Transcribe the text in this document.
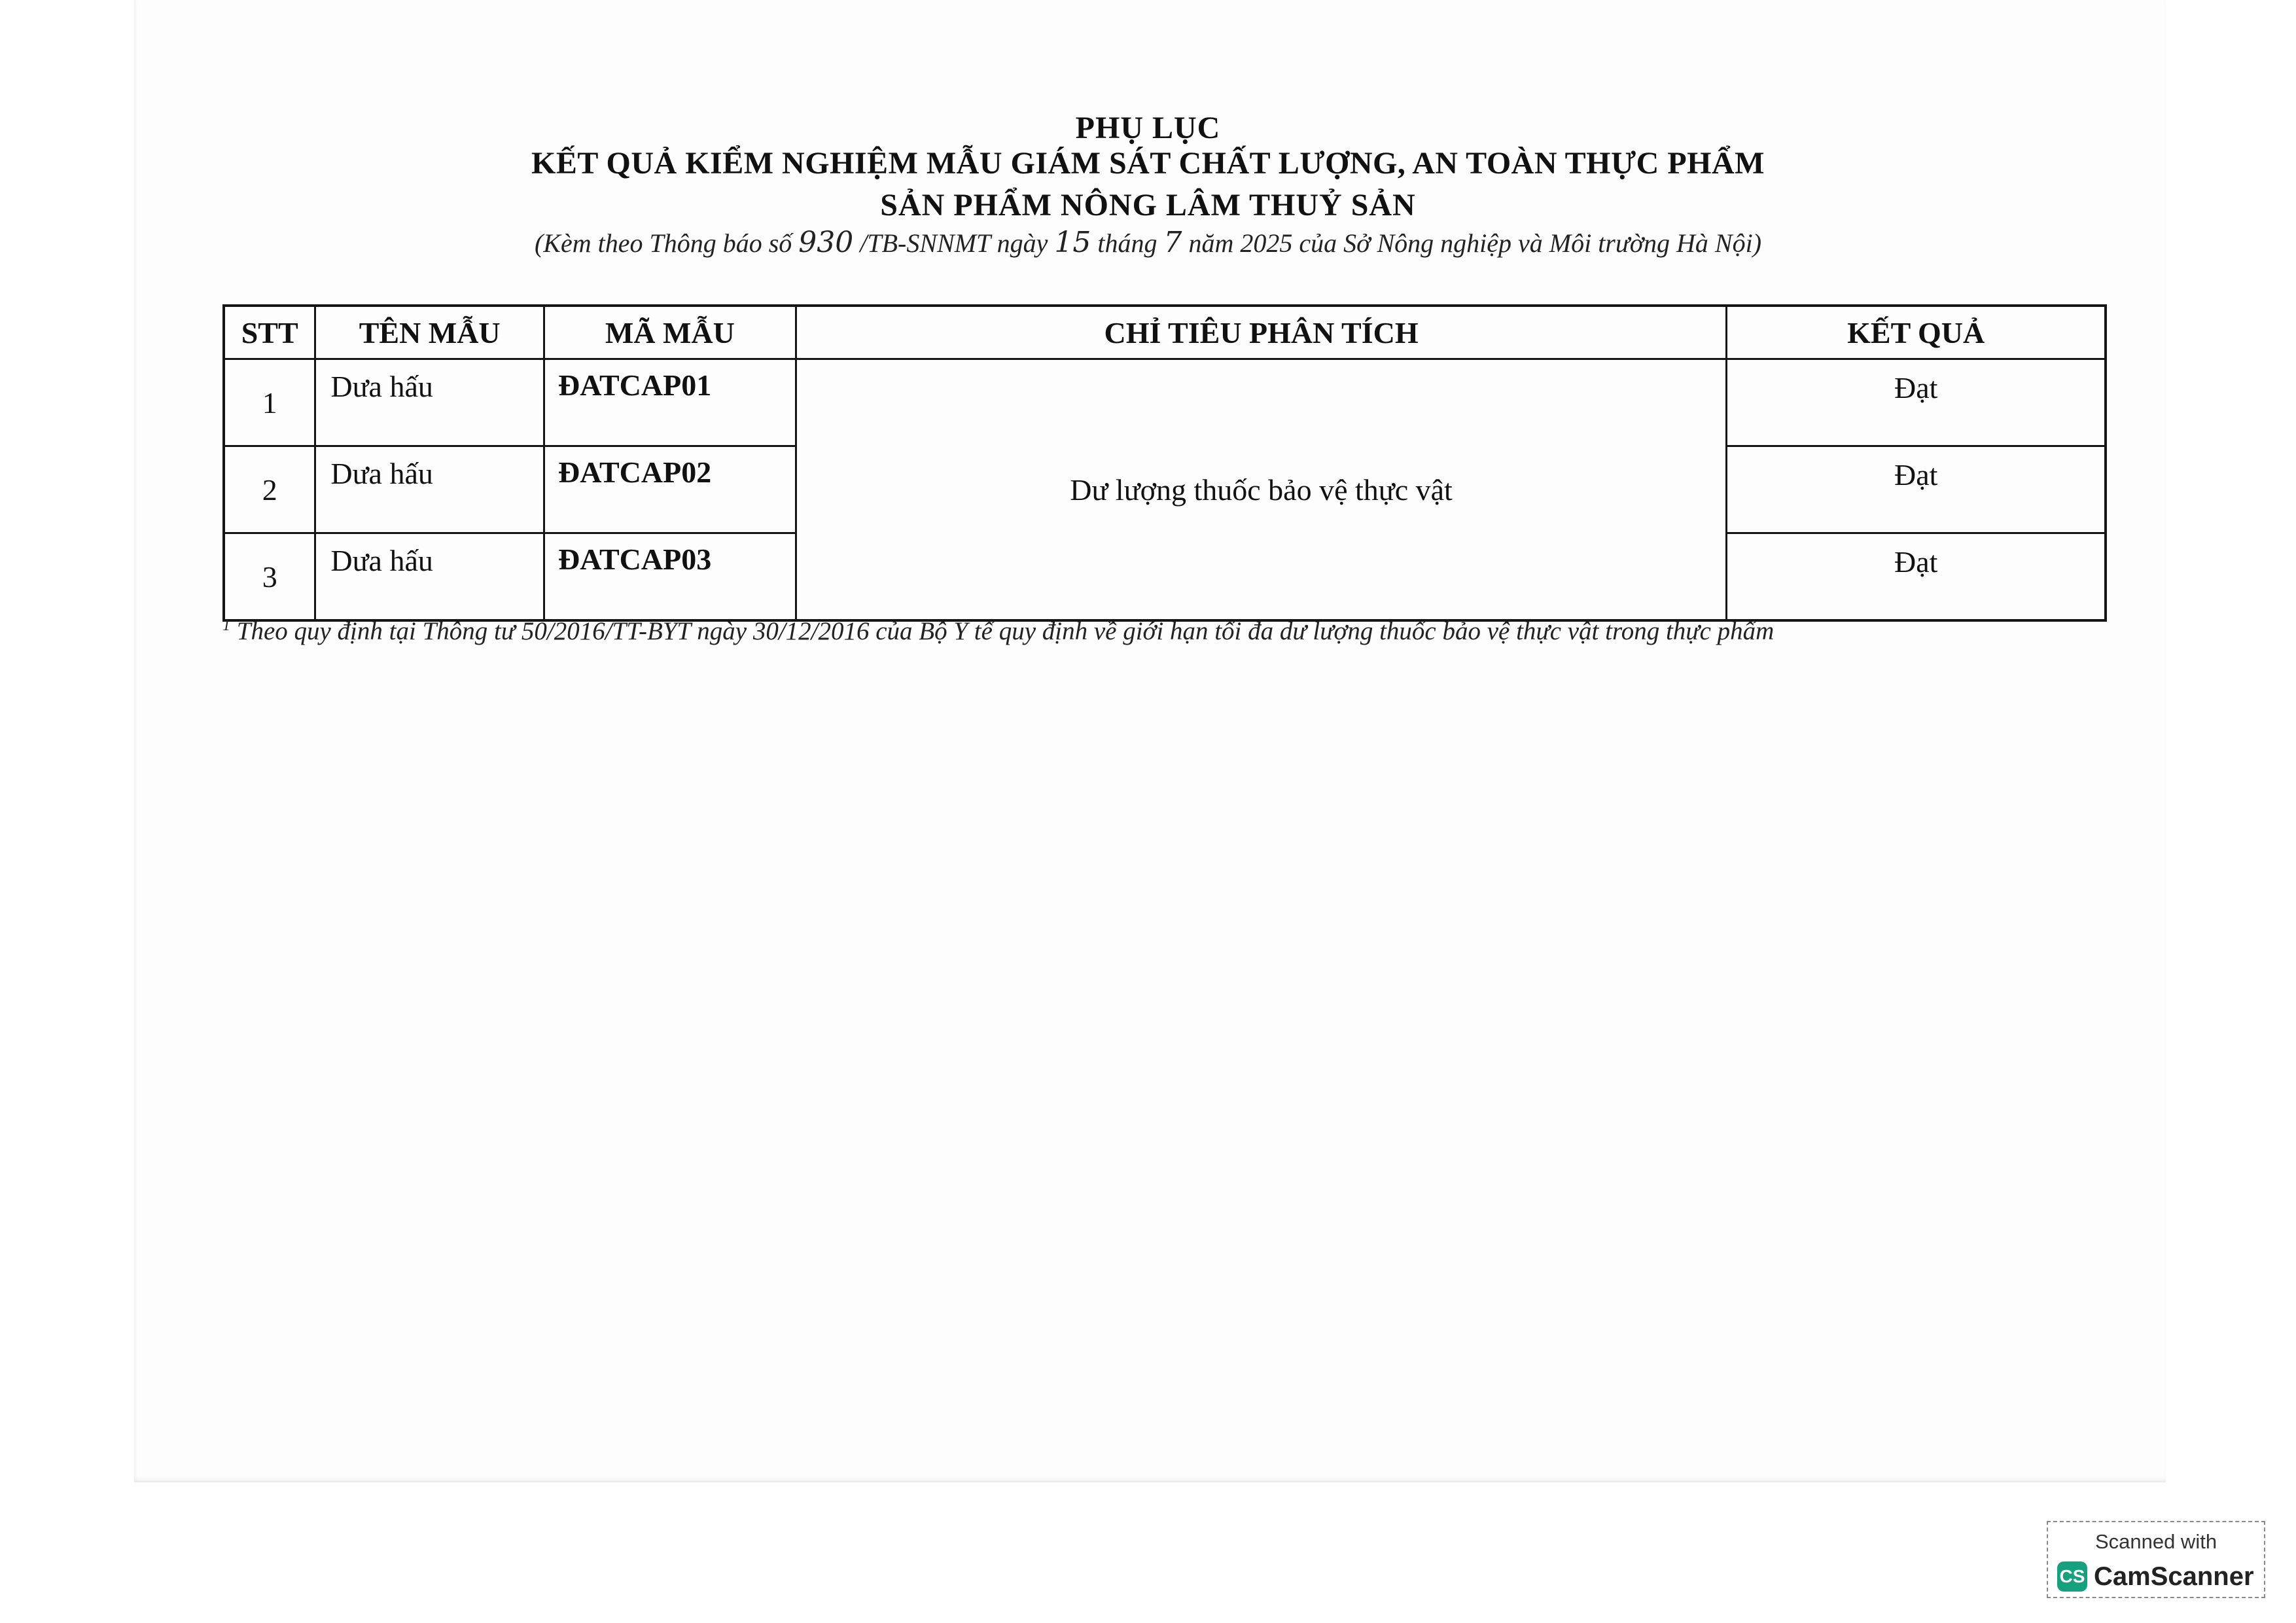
PHỤ LỤC
KẾT QUẢ KIỂM NGHIỆM MẪU GIÁM SÁT CHẤT LƯỢNG, AN TOÀN THỰC PHẨM
SẢN PHẨM NÔNG LÂM THUỶ SẢN
(Kèm theo Thông báo số 930 /TB-SNNMT ngày 15 tháng 7 năm 2025 của Sở Nông nghiệp và Môi trường Hà Nội)
STT	TÊN MẪU	MÃ MẪU	CHỈ TIÊU PHÂN TÍCH	KẾT QUẢ
1	Dưa hấu	ĐATCAP01	Dư lượng thuốc bảo vệ thực vật	Đạt
2	Dưa hấu	ĐATCAP02		Đạt
3	Dưa hấu	ĐATCAP03		Đạt
$^1$ Theo quy định tại Thông tư 50/2016/TT-BYT ngày 30/12/2016 của Bộ Y tế quy định về giới hạn tối đa dư lượng thuốc bảo vệ thực vật trong thực phẩm
Scanned with
CS CamScanner
